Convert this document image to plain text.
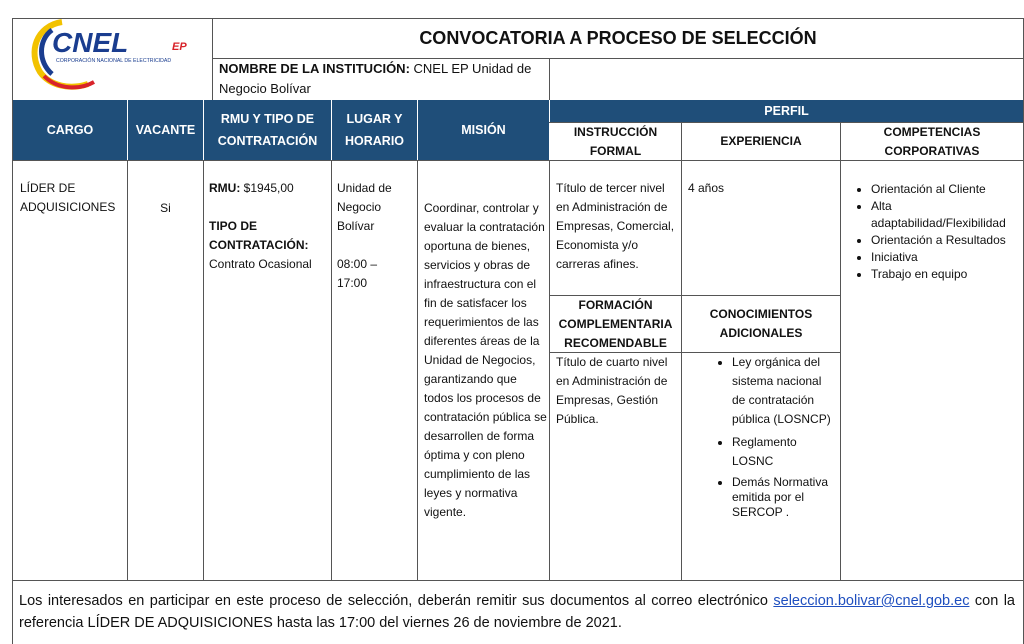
CNEL	EP
CORPORACIÓN NACIONAL DE ELECTRICIDAD
CONVOCATORIA A PROCESO DE SELECCIÓN
NOMBRE DE LA INSTITUCIÓN: CNEL EP Unidad de Negocio Bolívar
CARGO	VACANTE
RMU Y TIPO DE CONTRATACIÓN
LUGAR Y HORARIO
MISIÓN
PERFIL
INSTRUCCIÓN FORMAL
EXPERIENCIA
COMPETENCIAS CORPORATIVAS
LÍDER DE ADQUISICIONES	Si
RMU: $1945,00
TIPO DE CONTRATACIÓN:
Contrato Ocasional
Unidad de Negocio Bolívar
08:00 – 17:00
Coordinar, controlar y evaluar la contratación oportuna de bienes, servicios y obras de infraestructura con el fin de satisfacer los requerimientos de las diferentes áreas de la Unidad de Negocios, garantizando que todos los procesos de contratación pública se desarrollen de forma óptima y con pleno cumplimiento de las leyes y normativa vigente.
Título de tercer nivel en Administración de Empresas, Comercial, Economista y/o carreras afines.
4 años
•	Orientación al Cliente
• Alta adaptabilidad/Flexibilidad
• Orientación a Resultados
• Iniciativa
• Trabajo en equipo
FORMACIÓN COMPLEMENTARIA RECOMENDABLE
CONOCIMIENTOS ADICIONALES
Título de cuarto nivel en Administración de Empresas, Gestión Pública.
• Ley orgánica del sistema nacional de contratación pública (LOSNCP)
• Reglamento LOSNC
• Demás Normativa emitida por el SERCOP .
Los interesados en participar en este proceso de selección, deberán remitir sus documentos al correo electrónico seleccion.bolivar@cnel.gob.ec con la referencia LÍDER DE ADQUISICIONES hasta las 17:00 del viernes 26 de noviembre de 2021.
